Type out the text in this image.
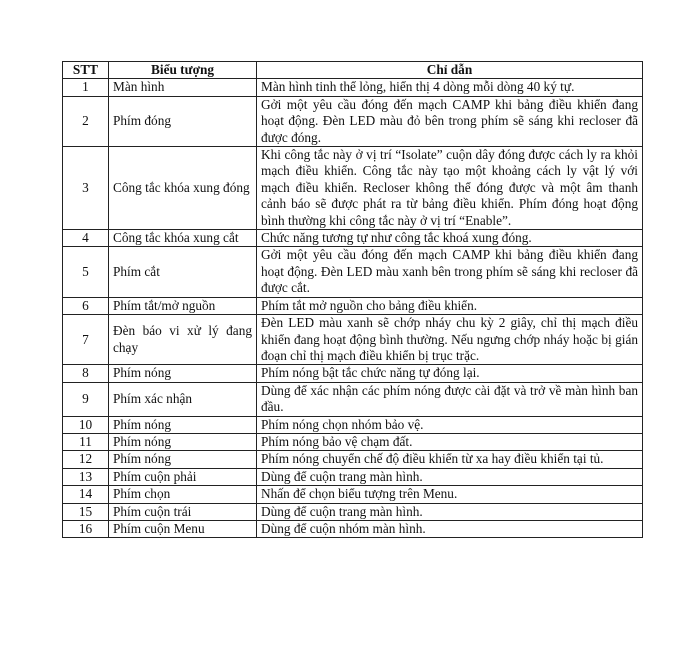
STT	Biểu tượng	Chỉ dẫn
1	Màn hình	Màn hình tinh thể lỏng, hiển thị 4 dòng mỗi dòng 40 ký tự.
2	Phím đóng	Gởi một yêu cầu đóng đến mạch CAMP khi bảng điều khiển đang hoạt động. Đèn LED màu đỏ bên trong phím sẽ sáng khi recloser đã được đóng.
3	Công tắc khóa xung đóng	Khi công tắc này ở vị trí “Isolate” cuộn dây đóng được cách ly ra khỏi mạch điều khiển. Công tắc này tạo một khoảng cách ly vật lý với mạch điều khiển. Recloser không thể đóng được và một âm thanh cảnh báo sẽ được phát ra từ bảng điều khiển. Phím đóng hoạt động bình thường khi công tắc này ở vị trí “Enable”.
4	Công tắc khóa xung cắt	Chức năng tương tự như công tắc khoá xung đóng.
5	Phím cắt	Gởi một yêu cầu đóng đến mạch CAMP khi bảng điều khiển đang hoạt động. Đèn LED màu xanh bên trong phím sẽ sáng khi recloser đã được cắt.
6	Phím tắt/mở nguồn	Phím tắt mở nguồn cho bảng điều khiển.
7	Đèn báo vi xử lý đang chạy	Đèn LED màu xanh sẽ chớp nháy chu kỳ 2 giây, chỉ thị mạch điều khiển đang hoạt động bình thường. Nếu ngưng chớp nháy hoặc bị gián đoạn chỉ thị mạch điều khiển bị trục trặc.
8	Phím nóng	Phím nóng bật tắc chức năng tự đóng lại.
9	Phím xác nhận	Dùng để xác nhận các phím nóng được cài đặt và trở về màn hình ban đầu.
10	Phím nóng	Phím nóng chọn nhóm bảo vệ.
11	Phím nóng	Phím nóng bảo vệ chạm đất.
12	Phím nóng	Phím nóng chuyển chế độ điều khiển từ xa hay điều khiển tại tủ.
13	Phím cuộn phải	Dùng để cuộn trang màn hình.
14	Phím chọn	Nhấn để chọn biểu tượng trên Menu.
15	Phím cuộn trái	Dùng để cuộn trang màn hình.
16	Phím cuộn Menu	Dùng để cuộn nhóm màn hình.
